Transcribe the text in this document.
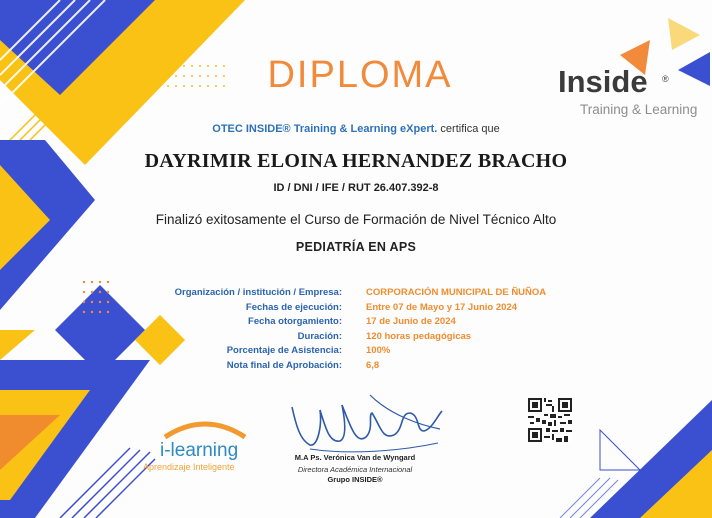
DIPLOMA	Inside ®
Training & Learning
OTEC INSIDE® Training & Learning eXpert. certifica que
DAYRIMIR ELOINA HERNANDEZ BRACHO
ID / DNI / IFE / RUT 26.407.392-8
Finalizó exitosamente el Curso de Formación de Nivel Técnico Alto
PEDIATRÍA EN APS
Organización / institución / Empresa:	CORPORACIÓN MUNICIPAL DE ÑUÑOA
Fechas de ejecución:	Entre 07 de Mayo y 17 Junio 2024
Fecha otorgamiento:	17 de Junio de 2024
Duración:	120 horas pedagógicas
Porcentaje de Asistencia:	100%
Nota final de Aprobación:	6,8
i-learning
Aprendizaje Inteligente
M.A Ps. Verónica Van de Wyngard
Directora Académica Internacional
Grupo INSIDE®
